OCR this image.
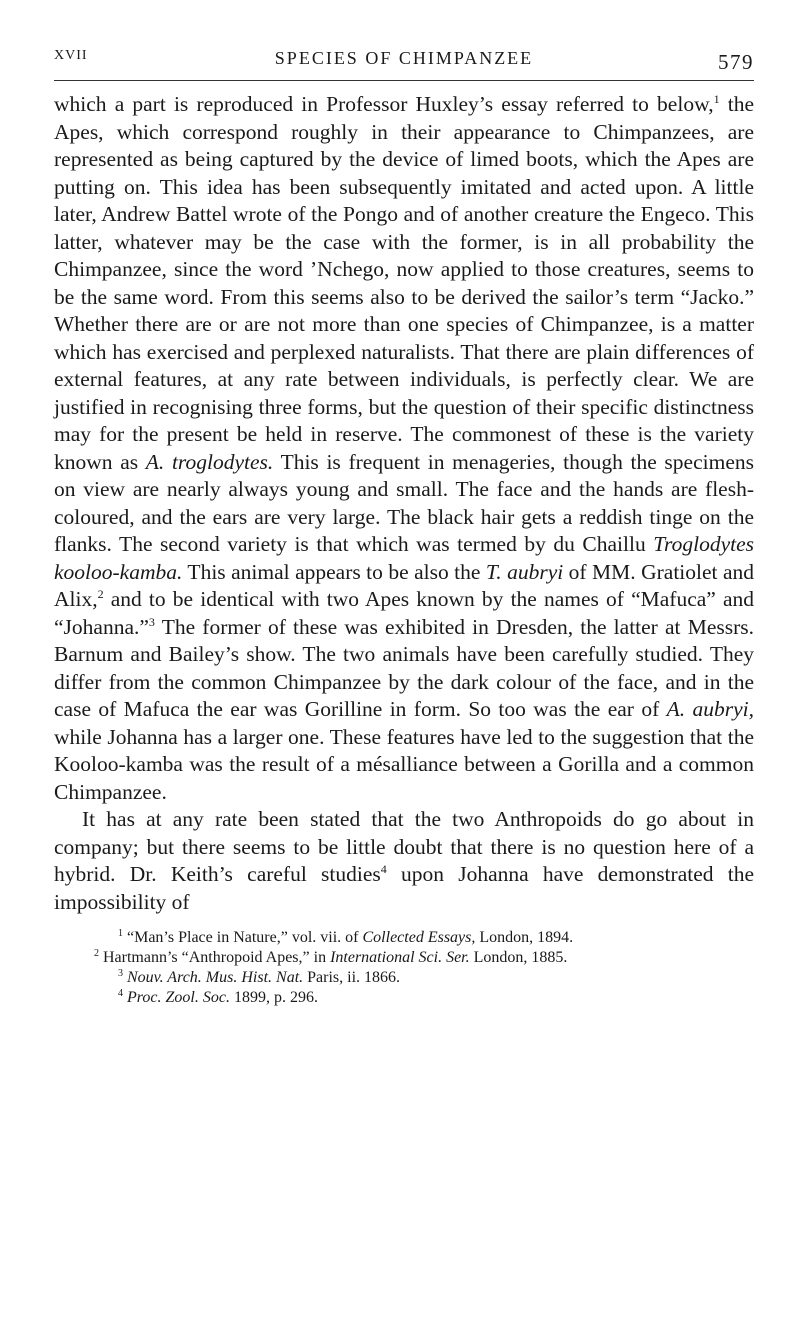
XVII	SPECIES OF CHIMPANZEE	579

which a part is reproduced in Professor Huxley’s essay referred to below,$^1$ the Apes, which correspond roughly in their appearance to Chimpanzees, are represented as being captured by the device of limed boots, which the Apes are putting on. This idea has been subsequently imitated and acted upon. A little later, Andrew Battel wrote of the Pongo and of another creature the Engeco. This latter, whatever may be the case with the former, is in all probability the Chimpanzee, since the word ’Nchego, now applied to those creatures, seems to be the same word. From this seems also to be derived the sailor’s term “Jacko.” Whether there are or are not more than one species of Chimpanzee, is a matter which has exercised and perplexed naturalists. That there are plain differences of external features, at any rate between individuals, is perfectly clear. We are justified in recognising three forms, but the question of their specific distinctness may for the present be held in reserve. The commonest of these is the variety known as A. troglodytes. This is frequent in menageries, though the specimens on view are nearly always young and small. The face and the hands are flesh-coloured, and the ears are very large. The black hair gets a reddish tinge on the flanks. The second variety is that which was termed by du Chaillu Troglodytes kooloo-kamba. This animal appears to be also the T. aubryi of MM. Gratiolet and Alix,$^2$ and to be identical with two Apes known by the names of “Mafuca” and “Johanna.”$^3$ The former of these was exhibited in Dresden, the latter at Messrs. Barnum and Bailey’s show. The two animals have been carefully studied. They differ from the common Chimpanzee by the dark colour of the face, and in the case of Mafuca the ear was Gorilline in form. So too was the ear of A. aubryi, while Johanna has a larger one. These features have led to the suggestion that the Kooloo-kamba was the result of a mésalliance between a Gorilla and a common Chimpanzee.

It has at any rate been stated that the two Anthropoids do go about in company; but there seems to be little doubt that there is no question here of a hybrid. Dr. Keith’s careful studies$^4$ upon Johanna have demonstrated the impossibility of

$^1$ “Man’s Place in Nature,” vol. vii. of Collected Essays, London, 1894.

$^2$ Hartmann’s “Anthropoid Apes,” in International Sci. Ser. London, 1885.

$^3$ Nouv. Arch. Mus. Hist. Nat. Paris, ii. 1866.

$^4$ Proc. Zool. Soc. 1899, p. 296.
